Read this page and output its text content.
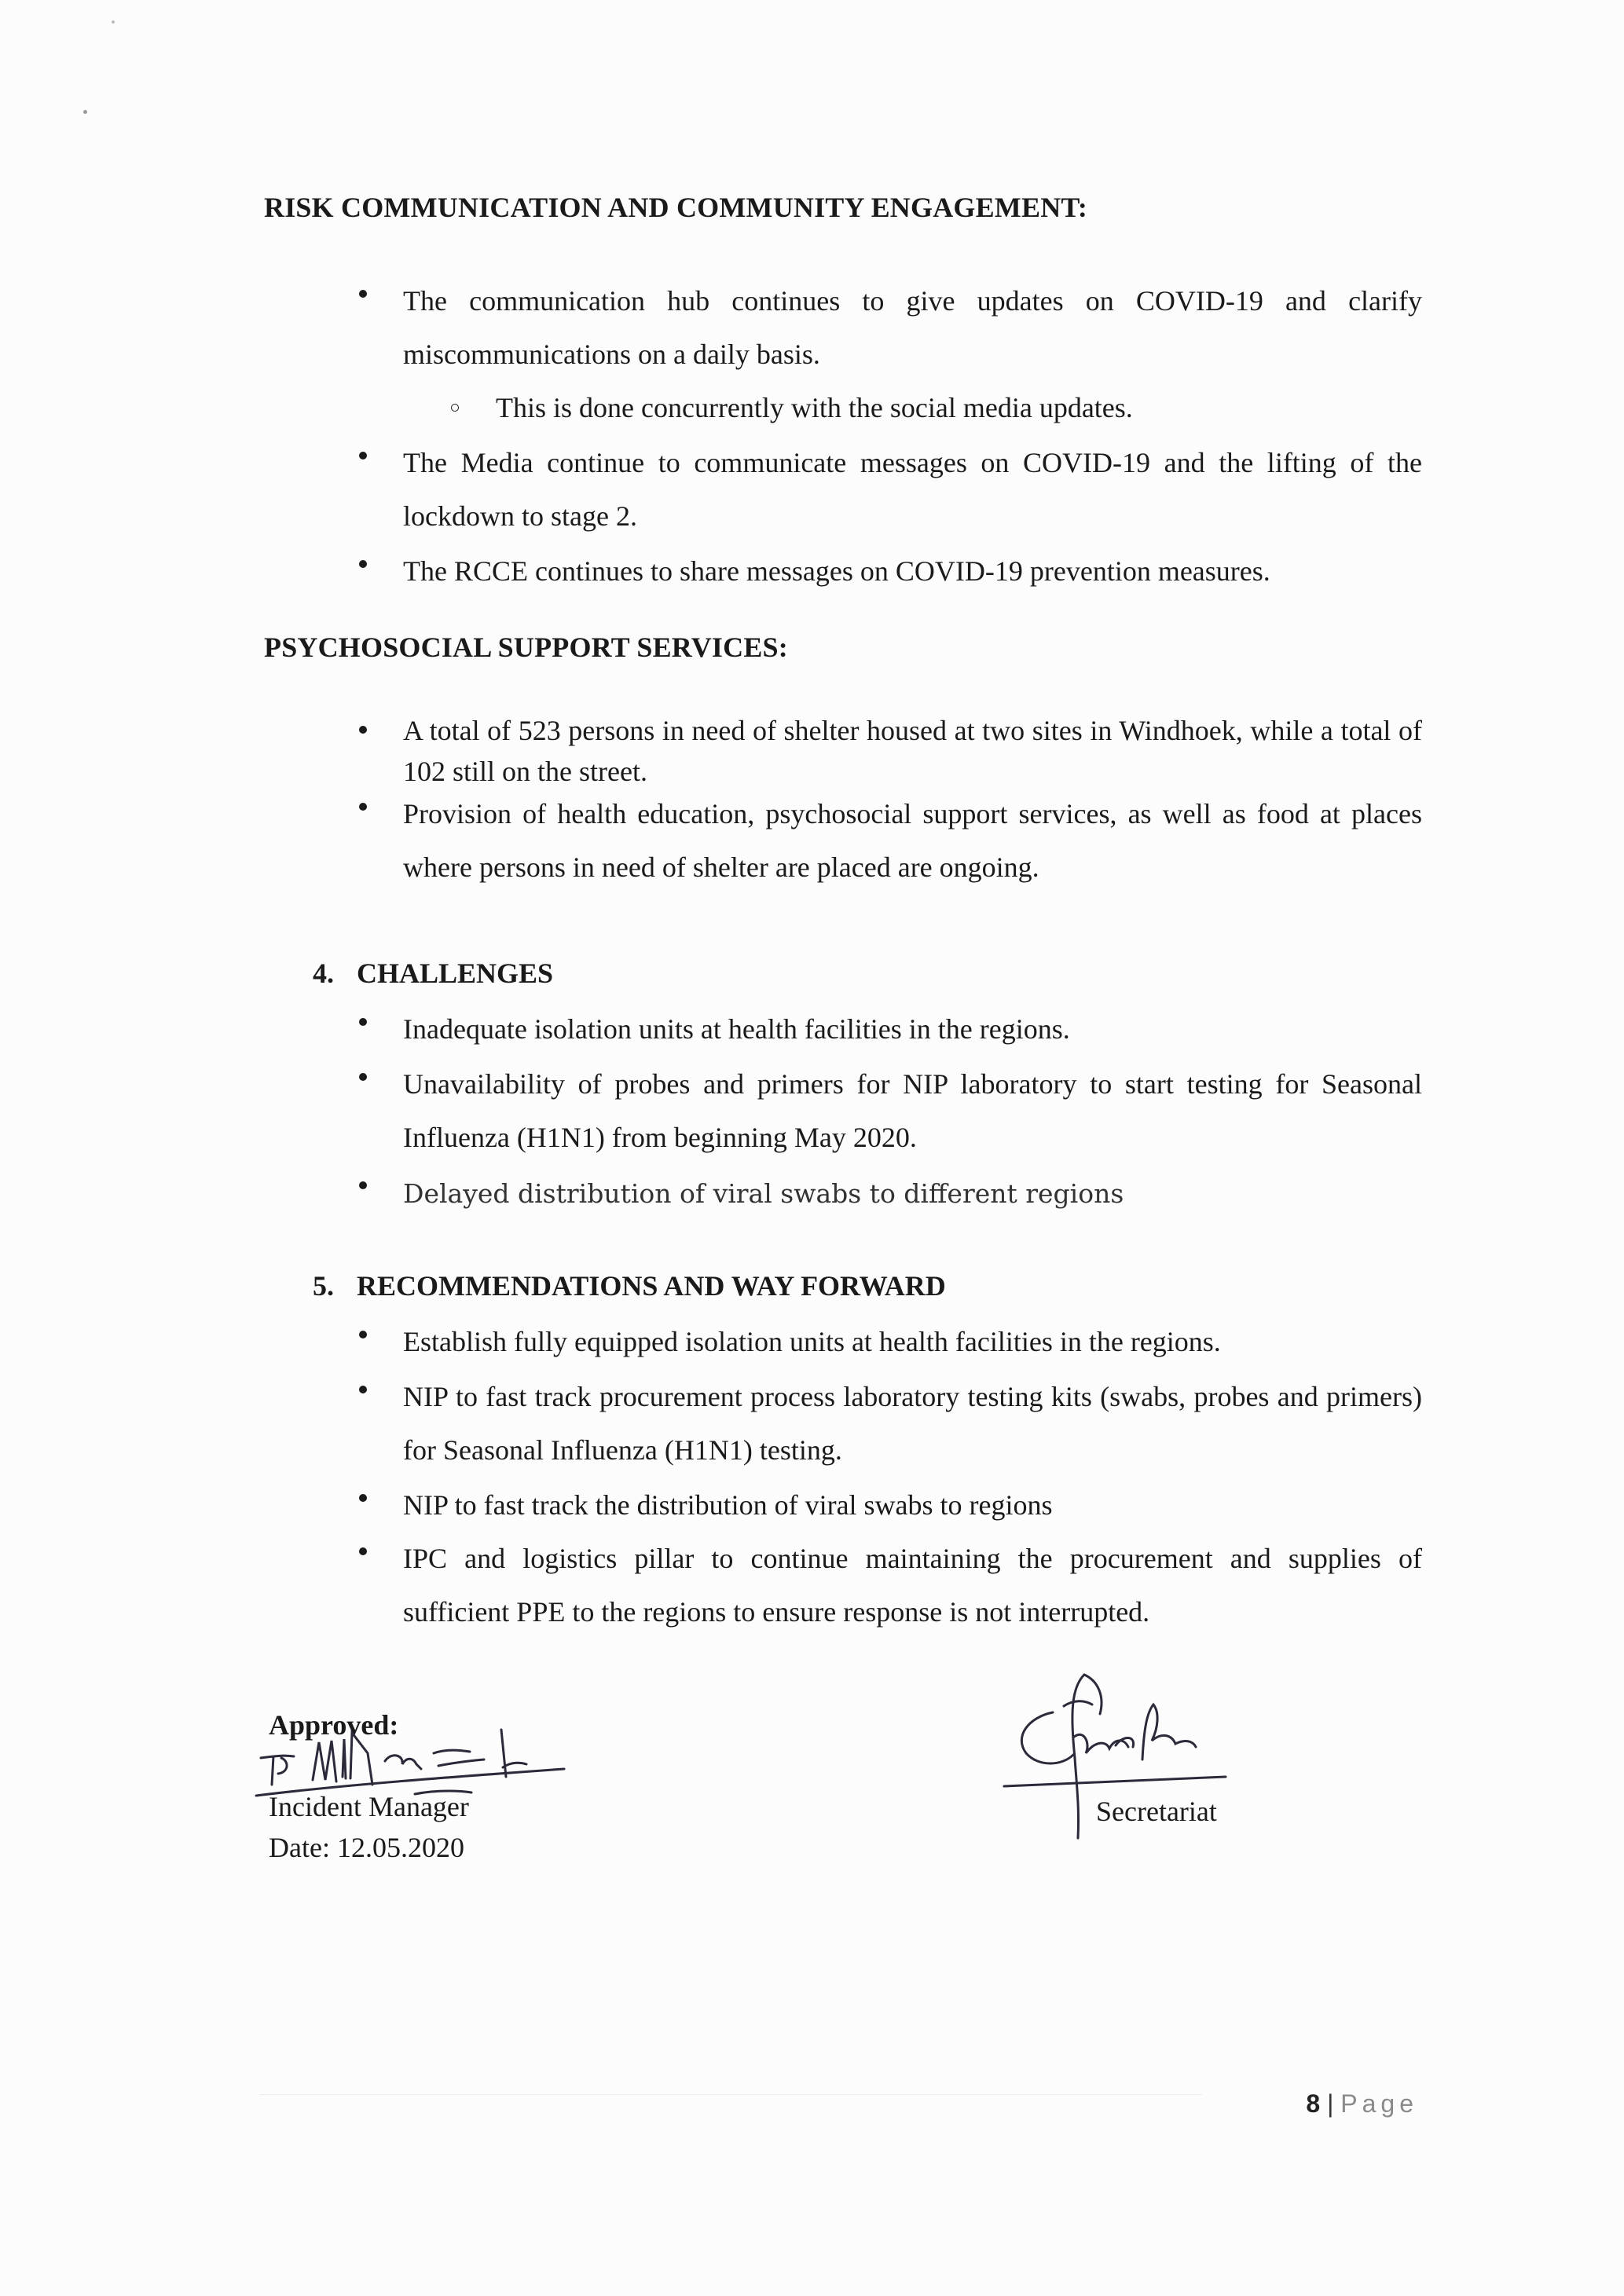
RISK COMMUNICATION AND COMMUNITY ENGAGEMENT:
The communication hub continues to give updates on COVID-19 and clarify miscommunications on a daily basis.
This is done concurrently with the social media updates.
The Media continue to communicate messages on COVID-19 and the lifting of the lockdown to stage 2.
The RCCE continues to share messages on COVID-19 prevention measures.
PSYCHOSOCIAL SUPPORT SERVICES:
A total of 523 persons in need of shelter housed at two sites in Windhoek, while a total of 102 still on the street.
Provision of health education, psychosocial support services, as well as food at places where persons in need of shelter are placed are ongoing.
4. CHALLENGES
Inadequate isolation units at health facilities in the regions.
Unavailability of probes and primers for NIP laboratory to start testing for Seasonal Influenza (H1N1) from beginning May 2020.
Delayed distribution of viral swabs to different regions
5. RECOMMENDATIONS AND WAY FORWARD
Establish fully equipped isolation units at health facilities in the regions.
NIP to fast track procurement process laboratory testing kits (swabs, probes and primers) for Seasonal Influenza (H1N1) testing.
NIP to fast track the distribution of viral swabs to regions
IPC and logistics pillar to continue maintaining the procurement and supplies of sufficient PPE to the regions to ensure response is not interrupted.
Approved:
Incident Manager
Date: 12.05.2020
Secretariat
8 | Page
